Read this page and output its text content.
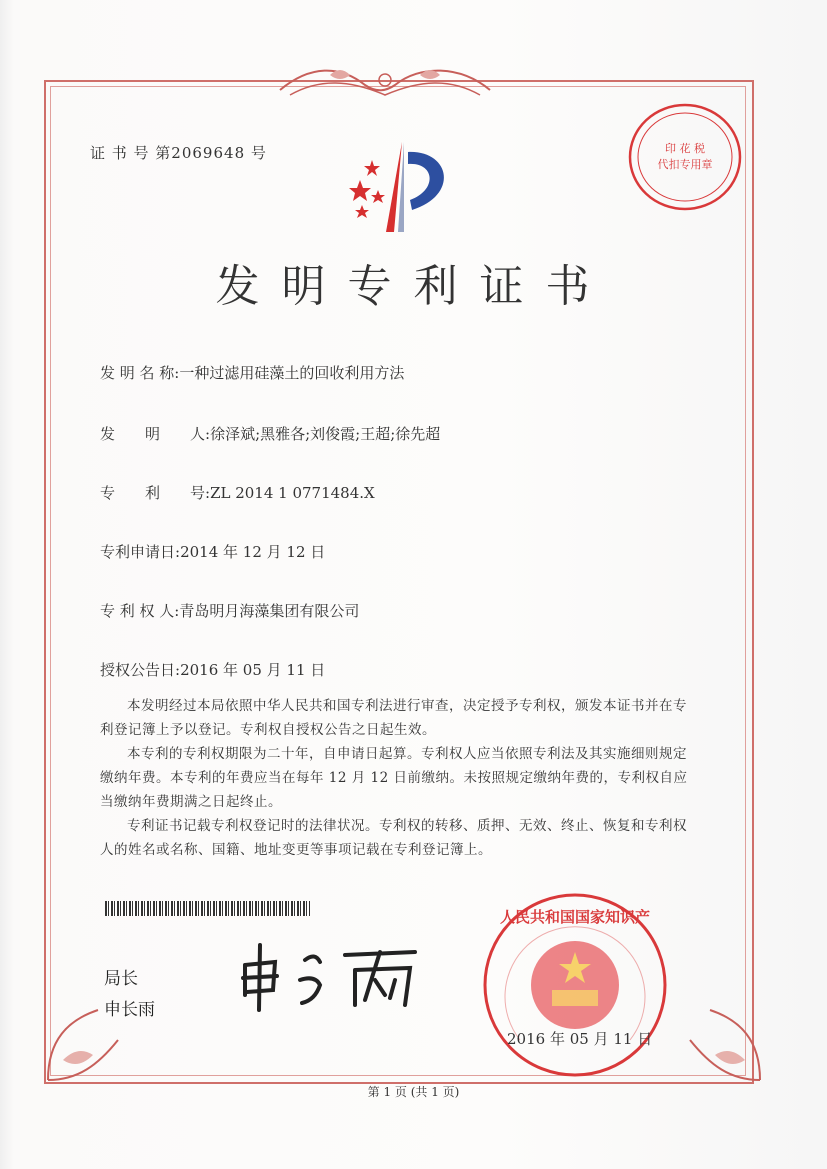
印 花 税
代扣专用章
证 书 号 第2069648 号
发明专利证书
发 明 名 称:一种过滤用硅藻土的回收利用方法
发　　明　　人:徐泽斌;黑雅各;刘俊霞;王超;徐先超
专　　利　　号:ZL 2014 1 0771484.X
专利申请日:2014 年 12 月 12 日
专 利 权 人:青岛明月海藻集团有限公司
授权公告日:2016 年 05 月 11 日

本发明经过本局依照中华人民共和国专利法进行审查，决定授予专利权，颁发本证书并在专利登记簿上予以登记。专利权自授权公告之日起生效。

本专利的专利权期限为二十年，自申请日起算。专利权人应当依照专利法及其实施细则规定缴纳年费。本专利的年费应当在每年 12 月 12 日前缴纳。未按照规定缴纳年费的，专利权自应当缴纳年费期满之日起终止。

专利证书记载专利权登记时的法律状况。专利权的转移、质押、无效、终止、恢复和专利权人的姓名或名称、国籍、地址变更等事项记载在专利登记簿上。

局长
申长雨
人民共和国国家知识产
2016 年 05 月 11 日
第 1 页 (共 1 页)
